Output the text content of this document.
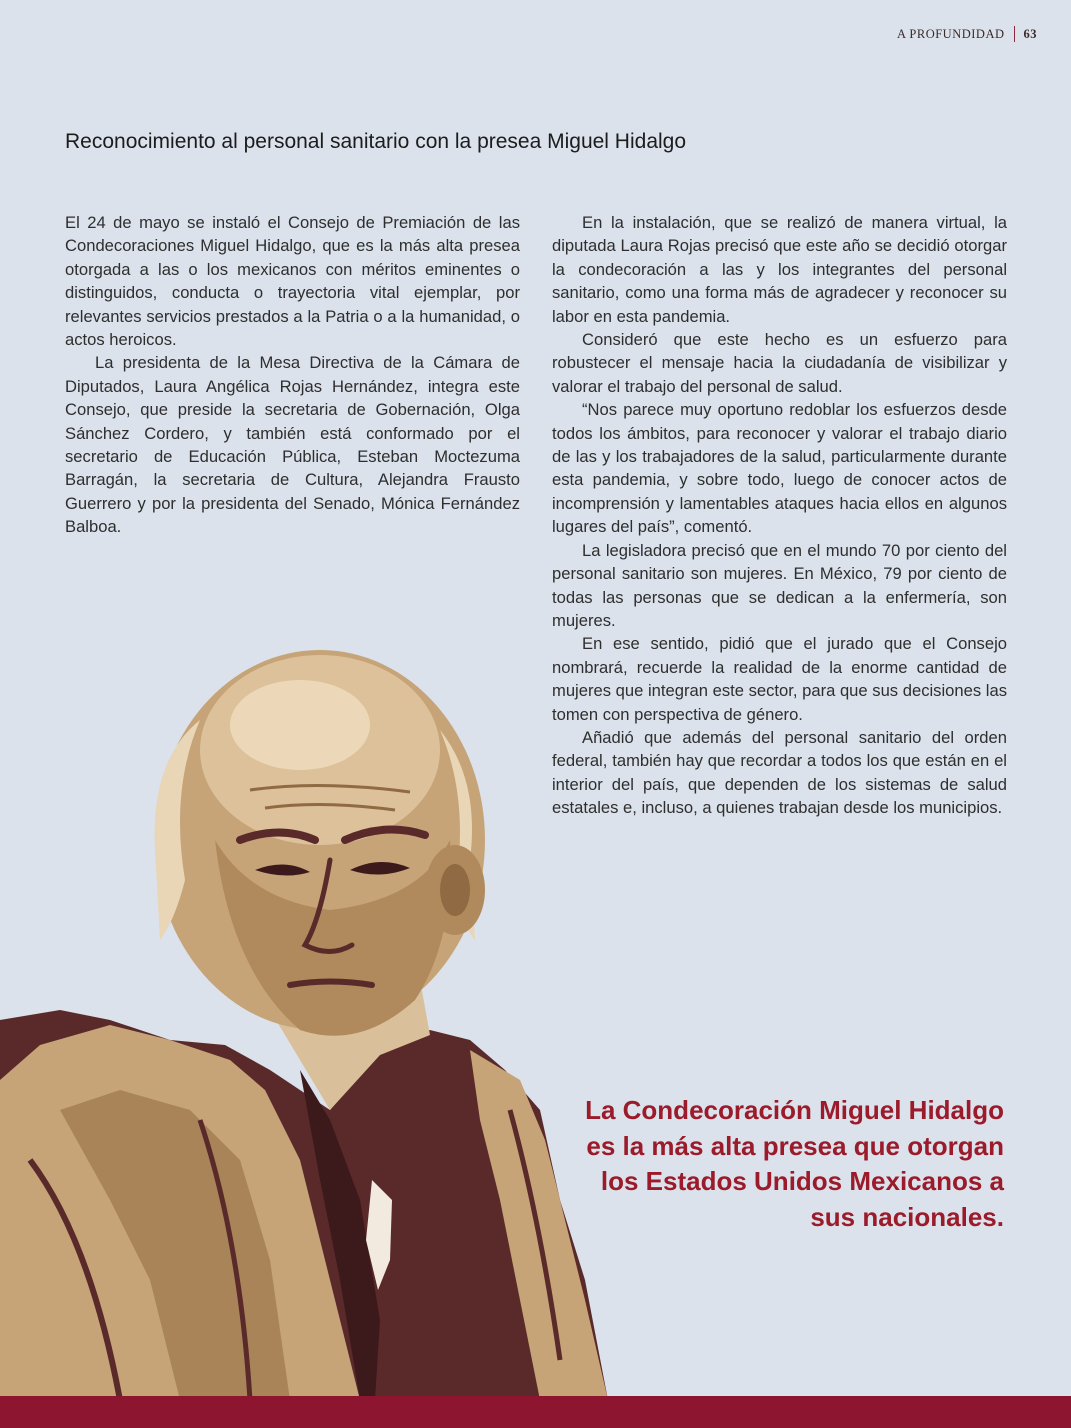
A PROFUNDIDAD 63
Reconocimiento al personal sanitario con la presea Miguel Hidalgo

El 24 de mayo se instaló el Consejo de Premiación de las Condecoraciones Miguel Hidalgo, que es la más alta presea otorgada a las o los mexicanos con méritos eminentes o distinguidos, conducta o trayectoria vital ejemplar, por relevantes servicios prestados a la Patria o a la humanidad, o actos heroicos.

La presidenta de la Mesa Directiva de la Cámara de Diputados, Laura Angélica Rojas Hernández, integra este Consejo, que preside la secretaria de Gobernación, Olga Sánchez Cordero, y también está conformado por el secretario de Educación Pública, Esteban Moctezuma Barragán, la secretaria de Cultura, Alejandra Frausto Guerrero y por la presidenta del Senado, Mónica Fernández Balboa.

En la instalación, que se realizó de manera virtual, la diputada Laura Rojas precisó que este año se decidió otorgar la condecoración a las y los integrantes del personal sanitario, como una forma más de agradecer y reconocer su labor en esta pandemia.

Consideró que este hecho es un esfuerzo para robustecer el mensaje hacia la ciudadanía de visibilizar y valorar el trabajo del personal de salud.

“Nos parece muy oportuno redoblar los esfuerzos desde todos los ámbitos, para reconocer y valorar el trabajo diario de las y los trabajadores de la salud, particularmente durante esta pandemia, y sobre todo, luego de conocer actos de incomprensión y lamentables ataques hacia ellos en algunos lugares del país”, comentó.

La legisladora precisó que en el mundo 70 por ciento del personal sanitario son mujeres. En México, 79 por ciento de todas las personas que se dedican a la enfermería, son mujeres.

En ese sentido, pidió que el jurado que el Consejo nombrará, recuerde la realidad de la enorme cantidad de mujeres que integran este sector, para que sus decisiones las tomen con perspectiva de género.

Añadió que además del personal sanitario del orden federal, también hay que recordar a todos los que están en el interior del país, que dependen de los sistemas de salud estatales e, incluso, a quienes trabajan desde los municipios.

La Condecoración Miguel Hidalgo es la más alta presea que otorgan los Estados Unidos Mexicanos a sus nacionales.
